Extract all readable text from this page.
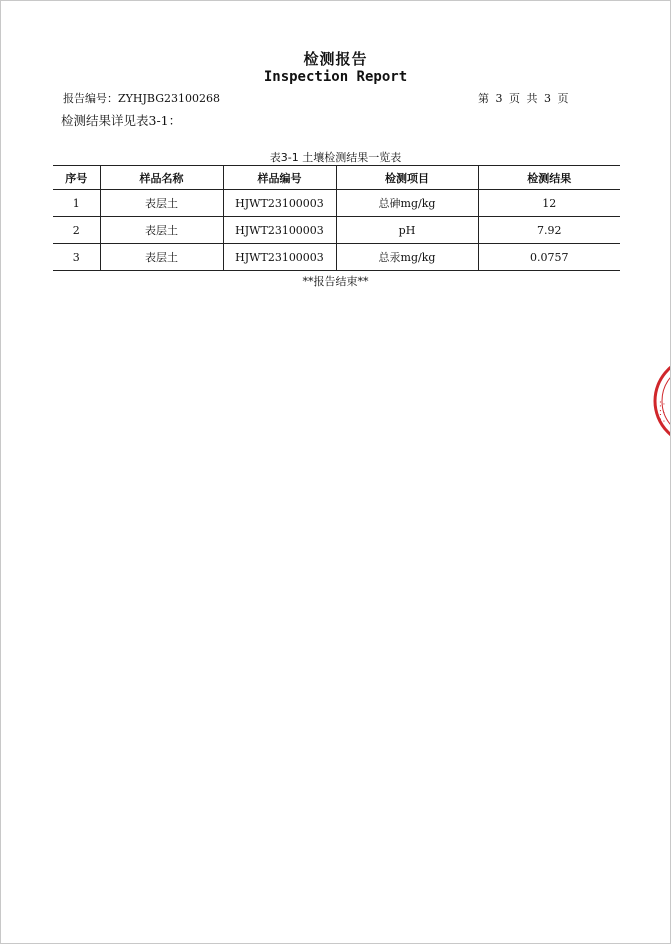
检测报告
Inspection Report
报告编号：ZYHJBG23100268	第 3 页 共 3 页
检测结果详见表3-1：
表3-1 土壤检测结果一览表
序号	样品名称	样品编号	检测项目	检测结果
1	表层土	HJWT23100003	总砷mg/kg	12
2	表层土	HJWT23100003	pH	7.92
3	表层土	HJWT23100003	总汞mg/kg	0.0757
**报告结束**
∴ ∴ ∴
